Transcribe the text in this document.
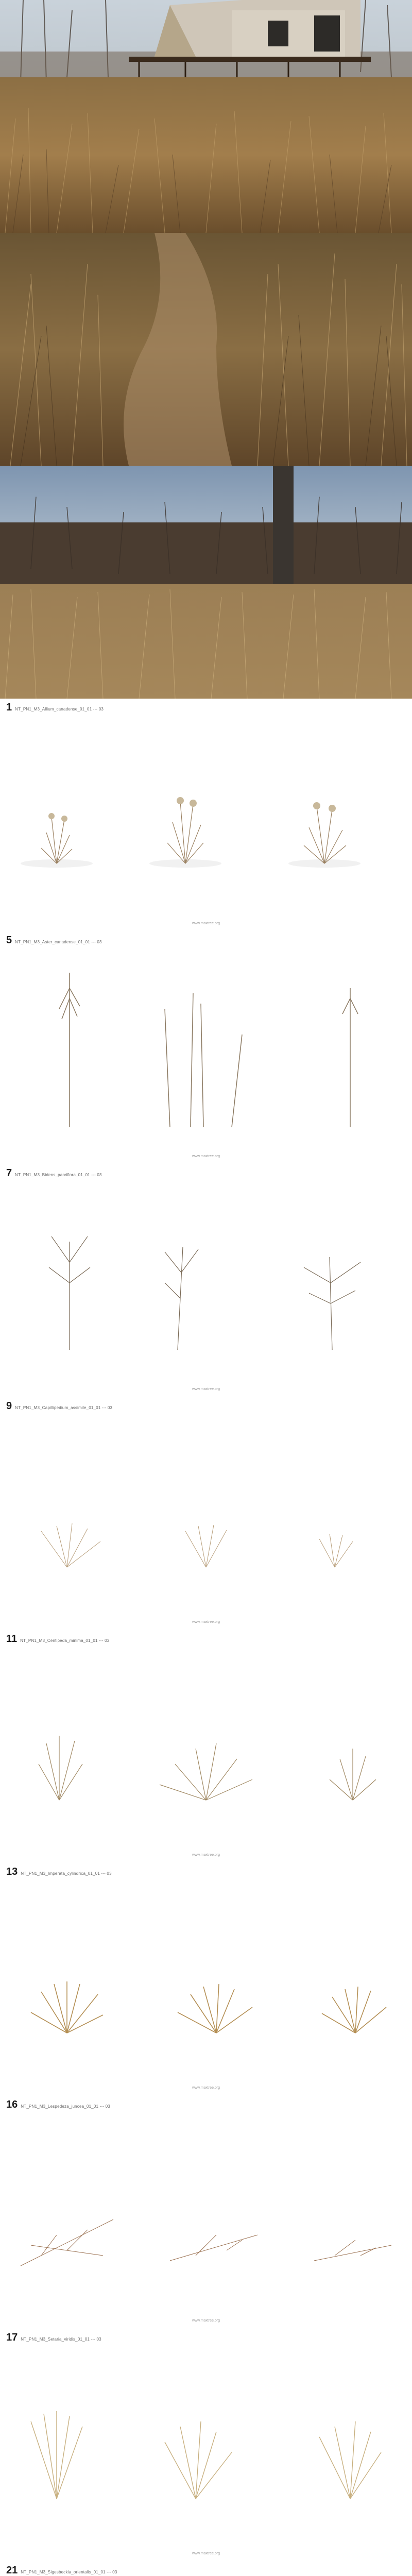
1 NT_PN1_M3_Allium_canadense_01_01 --- 03
www.maxtree.org
5 NT_PN1_M3_Aster_canadense_01_01 --- 03
www.maxtree.org
7 NT_PN1_M3_Bidens_parviflora_01_01 --- 03
www.maxtree.org
9 NT_PN1_M3_Capillipedium_assimile_01_01 --- 03
www.maxtree.org
11 NT_PN1_M3_Centipeda_minima_01_01 --- 03
www.maxtree.org
13 NT_PN1_M3_Imperata_cylindrica_01_01 --- 03
www.maxtree.org
16 NT_PN1_M3_Lespedeza_juncea_01_01 --- 03
www.maxtree.org
17 NT_PN1_M3_Setaria_viridis_01_01 --- 03
www.maxtree.org
21 NT_PN1_M3_Sigesbeckia_orientalis_01_01 --- 03
